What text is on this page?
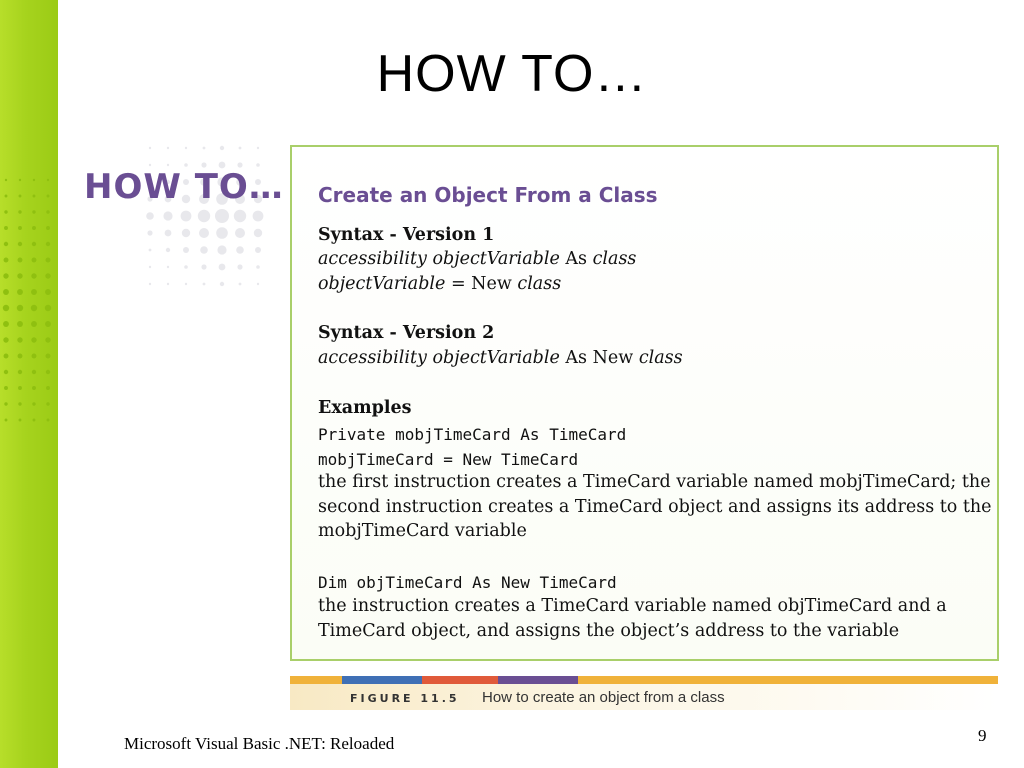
HOW TO…
HOW TO… Create an Object From a Class
Syntax - Version 1
accessibility objectVariable As class
objectVariable = New class
Syntax - Version 2
accessibility objectVariable As New class
Examples
Private mobjTimeCard As TimeCard
mobjTimeCard = New TimeCard
the first instruction creates a TimeCard variable named mobjTimeCard; the
second instruction creates a TimeCard object and assigns its address to the
mobjTimeCard variable
Dim objTimeCard As New TimeCard
the instruction creates a TimeCard variable named objTimeCard and a
TimeCard object, and assigns the object’s address to the variable
FIGURE 11.5 How to create an object from a class
Microsoft Visual Basic .NET: Reloaded	9
